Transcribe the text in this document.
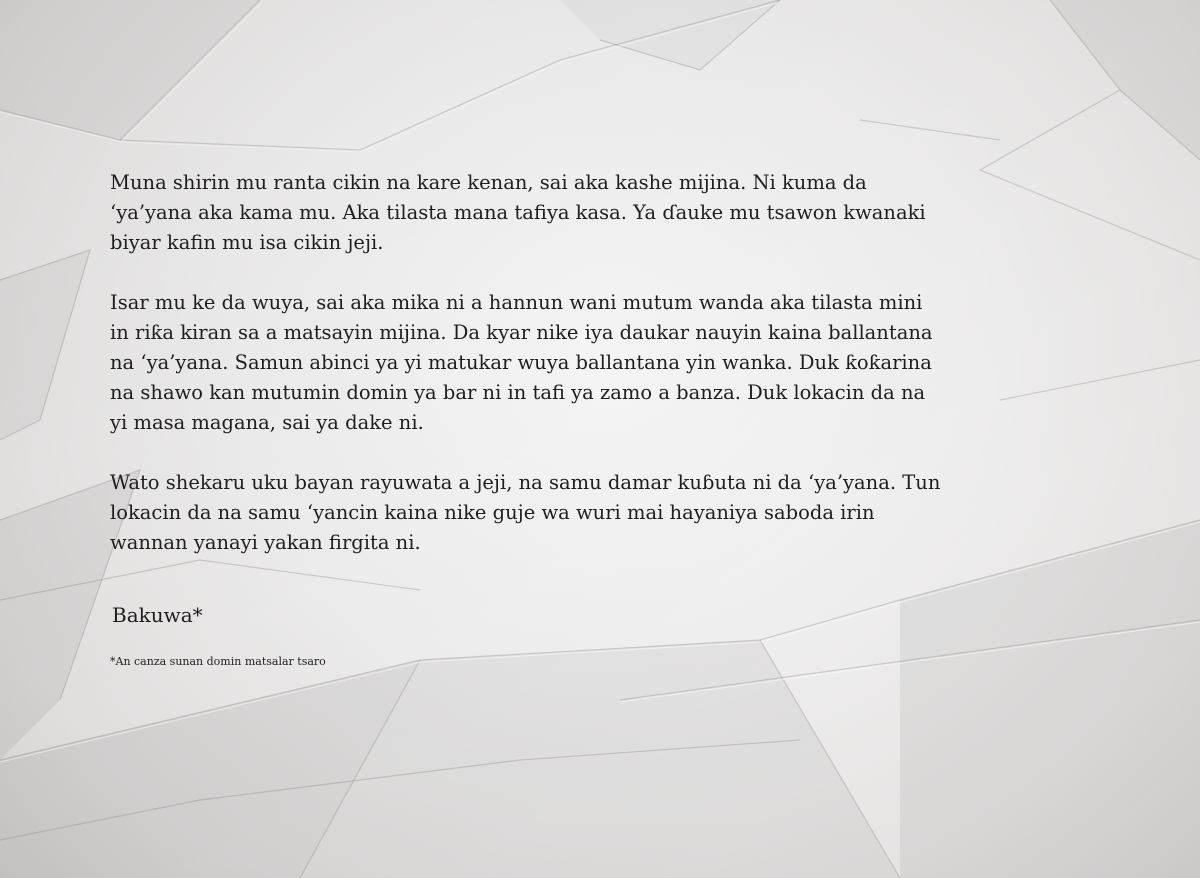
Muna shirin mu ranta cikin na kare kenan, sai aka kashe mijina. Ni kuma da
‘ya’yana aka kama mu. Aka tilasta mana tafiya kasa. Ya ɗauke mu tsawon kwanaki
biyar kafin mu isa cikin jeji.

Isar mu ke da wuya, sai aka mika ni a hannun wani mutum wanda aka tilasta mini
in riƙa kiran sa a matsayin mijina. Da kyar nike iya daukar nauyin kaina ballantana
na ‘ya’yana. Samun abinci ya yi matukar wuya ballantana yin wanka. Duk ƙoƙarina
na shawo kan mutumin domin ya bar ni in tafi ya zamo a banza. Duk lokacin da na
yi masa magana, sai ya dake ni.

Wato shekaru uku bayan rayuwata a jeji, na samu damar kuɓuta ni da ‘ya’yana. Tun
lokacin da na samu ‘yancin kaina nike guje wa wuri mai hayaniya saboda irin
wannan yanayi yakan firgita ni.

Bakuwa*
*An canza sunan domin matsalar tsaro
